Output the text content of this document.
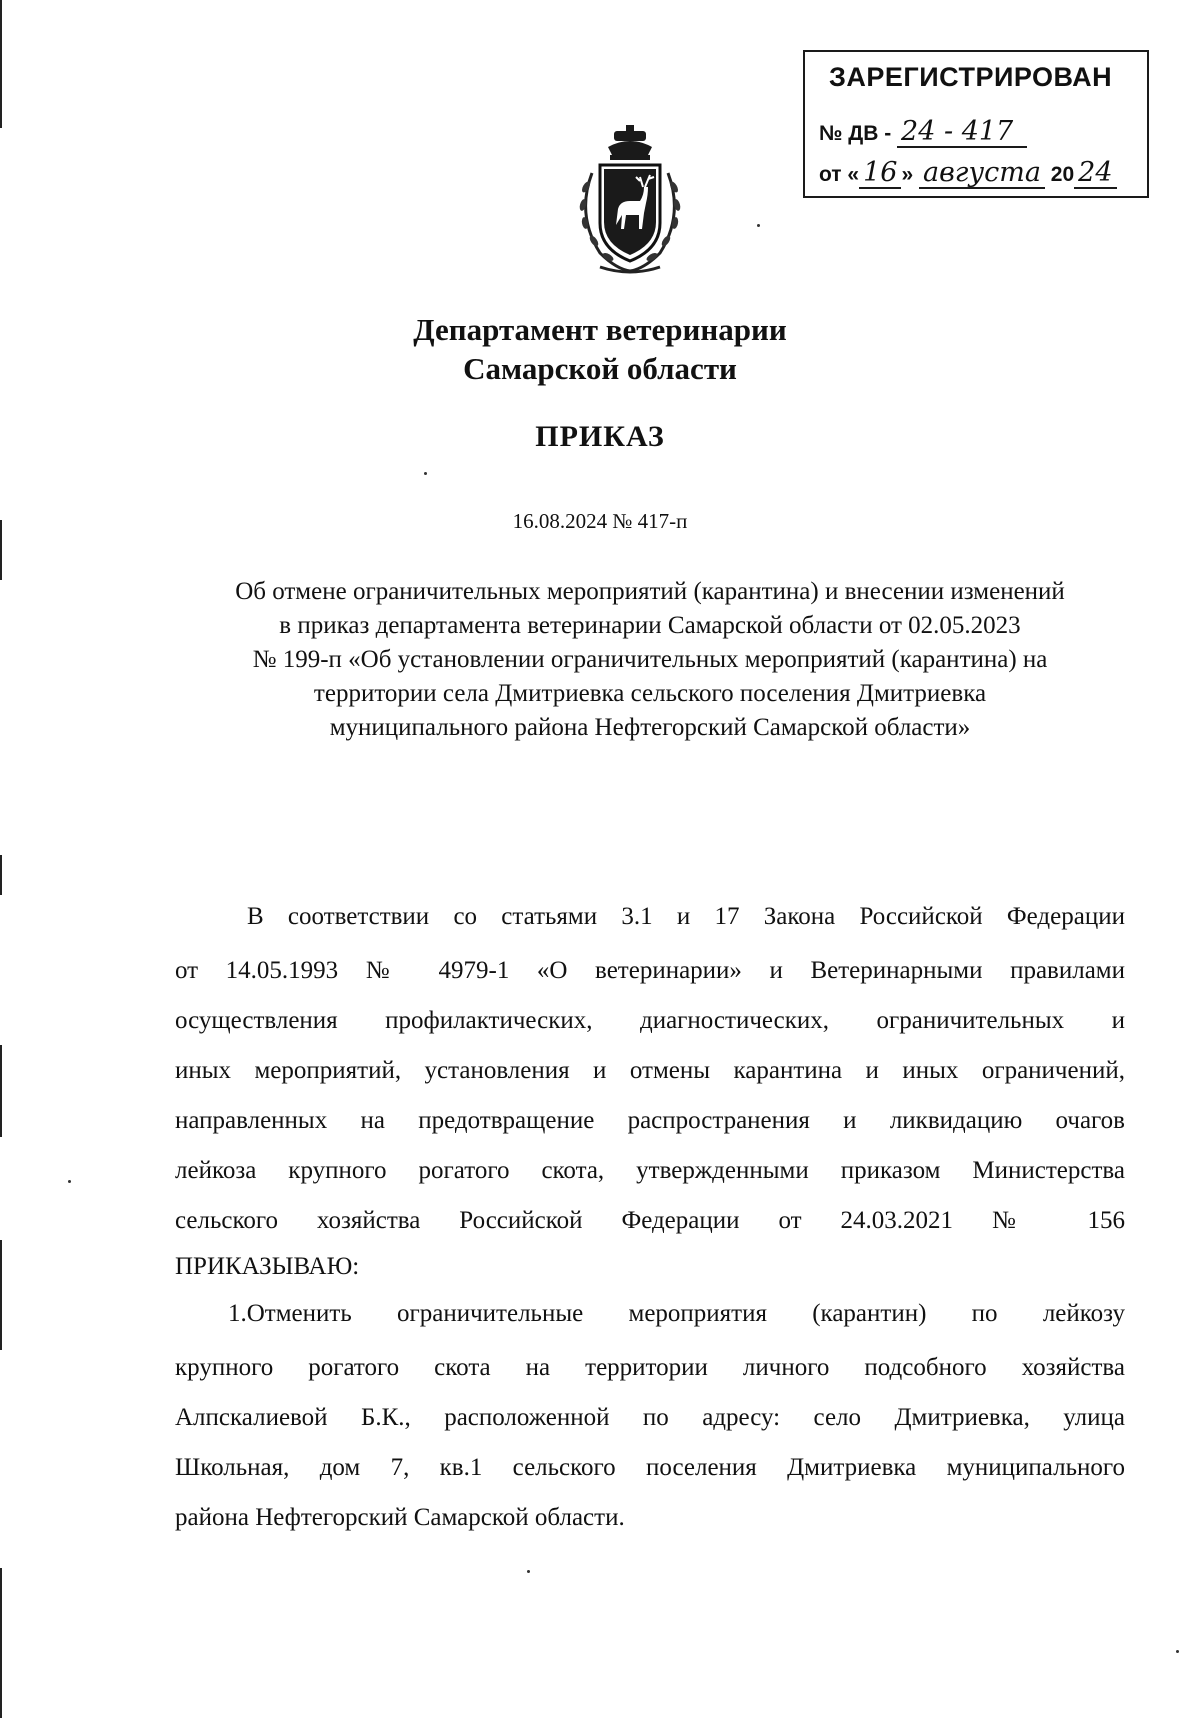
ЗАРЕГИСТРИРОВАН
№ ДВ - 24 - 417
от « 16 » августа 20 24
Департамент ветеринарии
Самарской области
ПРИКАЗ
16.08.2024 № 417-п
Об отмене ограничительных мероприятий (карантина) и внесении изменений
в приказ департамента ветеринарии Самарской области от 02.05.2023
№ 199-п «Об установлении ограничительных мероприятий (карантина) на
территории села Дмитриевка сельского поселения Дмитриевка
муниципального района Нефтегорский Самарской области»
В соответствии со статьями 3.1 и 17 Закона Российской Федерации
от 14.05.1993 № 4979-1 «О ветеринарии» и Ветеринарными правилами
осуществления профилактических, диагностических, ограничительных и
иных мероприятий, установления и отмены карантина и иных ограничений,
направленных на предотвращение распространения и ликвидацию очагов
лейкоза крупного рогатого скота, утвержденными приказом Министерства
сельского хозяйства Российской Федерации от 24.03.2021 № 156
ПРИКАЗЫВАЮ:
1.Отменить ограничительные мероприятия (карантин) по лейкозу
крупного рогатого скота на территории личного подсобного хозяйства
Алпскалиевой Б.К., расположенной по адресу: село Дмитриевка, улица
Школьная, дом 7, кв.1 сельского поселения Дмитриевка муниципального
района Нефтегорский Самарской области.
